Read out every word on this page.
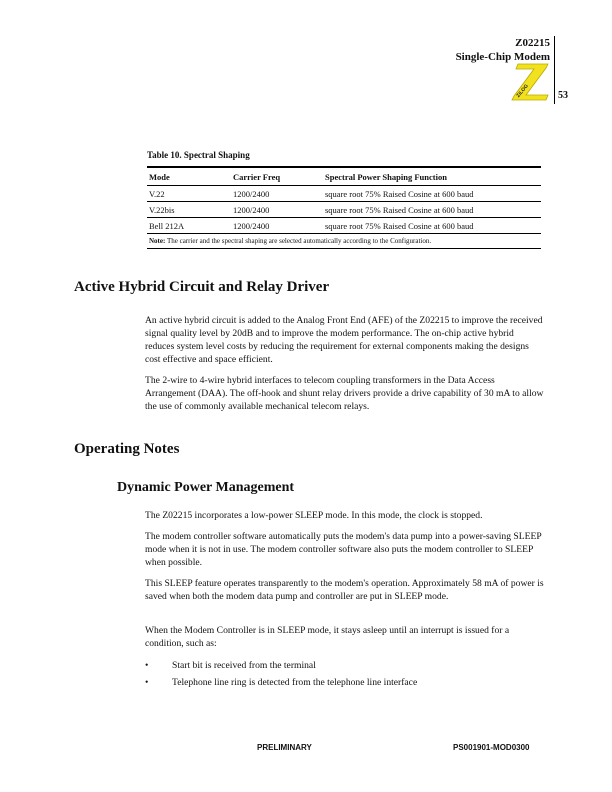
Z02215
Single-Chip Modem
ZiLOG	53
Table 10. Spectral Shaping
Mode	Carrier Freq	Spectral Power Shaping Function
V.22	1200/2400	square root 75% Raised Cosine at 600 baud
V.22bis	1200/2400	square root 75% Raised Cosine at 600 baud
Bell 212A	1200/2400	square root 75% Raised Cosine at 600 baud
Note: The carrier and the spectral shaping are selected automatically according to the Configuration.		
Active Hybrid Circuit and Relay Driver

An active hybrid circuit is added to the Analog Front End (AFE) of the Z02215 to improve the received signal quality level by 20dB and to improve the modem performance. The on-chip active hybrid reduces system level costs by reducing the requirement for external components making the designs cost effective and space efficient.

The 2-wire to 4-wire hybrid interfaces to telecom coupling transformers in the Data Access Arrangement (DAA). The off-hook and shunt relay drivers provide a drive capability of 30 mA to allow the use of commonly available mechanical telecom relays.

Operating Notes
Dynamic Power Management

The Z02215 incorporates a low-power SLEEP mode. In this mode, the clock is stopped.

The modem controller software automatically puts the modem's data pump into a power-saving SLEEP mode when it is not in use. The modem controller software also puts the modem controller to SLEEP when possible.

This SLEEP feature operates transparently to the modem's operation. Approximately 58 mA of power is saved when both the modem data pump and controller are put in SLEEP mode.

When the Modem Controller is in SLEEP mode, it stays asleep until an interrupt is issued for a condition, such as:

• Start bit is received from the terminal
• Telephone line ring is detected from the telephone line interface
PRELIMINARY	PS001901-MOD0300
